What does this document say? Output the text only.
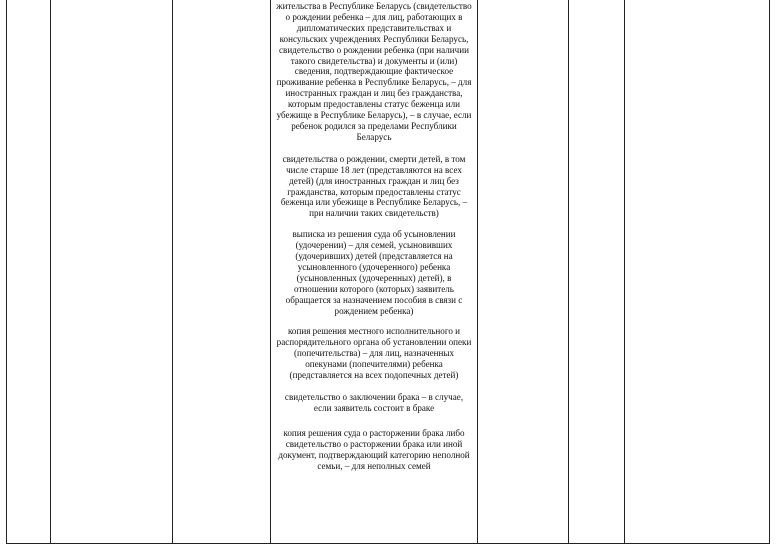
жительства в Республике Беларусь (свидетельство о рождении ребенка – для лиц, работающих в дипломатических представительствах и консульских учреждениях Республики Беларусь, свидетельство о рождении ребенка (при наличии такого свидетельства) и документы и (или) сведения, подтверждающие фактическое проживание ребенка в Республике Беларусь, – для иностранных граждан и лиц без гражданства, которым предоставлены статус беженца или убежище в Республике Беларусь), – в случае, если ребенок родился за пределами Республики Беларусь

свидетельства о рождении, смерти детей, в том числе старше 18 лет (представляются на всех детей) (для иностранных граждан и лиц без гражданства, которым предоставлены статус беженца или убежище в Республике Беларусь, – при наличии таких свидетельств)

выписка из решения суда об усыновлении (удочерении) – для семей, усыновивших (удочеривших) детей (представляется на усыновленного (удочеренного) ребенка (усыновленных (удочеренных) детей), в отношении которого (которых) заявитель обращается за назначением пособия в связи с рождением ребенка)

копия решения местного исполнительного и распорядительного органа об установлении опеки (попечительства) – для лиц, назначенных опекунами (попечителями) ребенка (представляется на всех подопечных детей)

свидетельство о заключении брака – в случае, если заявитель состоит в браке

копия решения суда о расторжении брака либо свидетельство о расторжении брака или иной документ, подтверждающий категорию неполной семьи, – для неполных семей
